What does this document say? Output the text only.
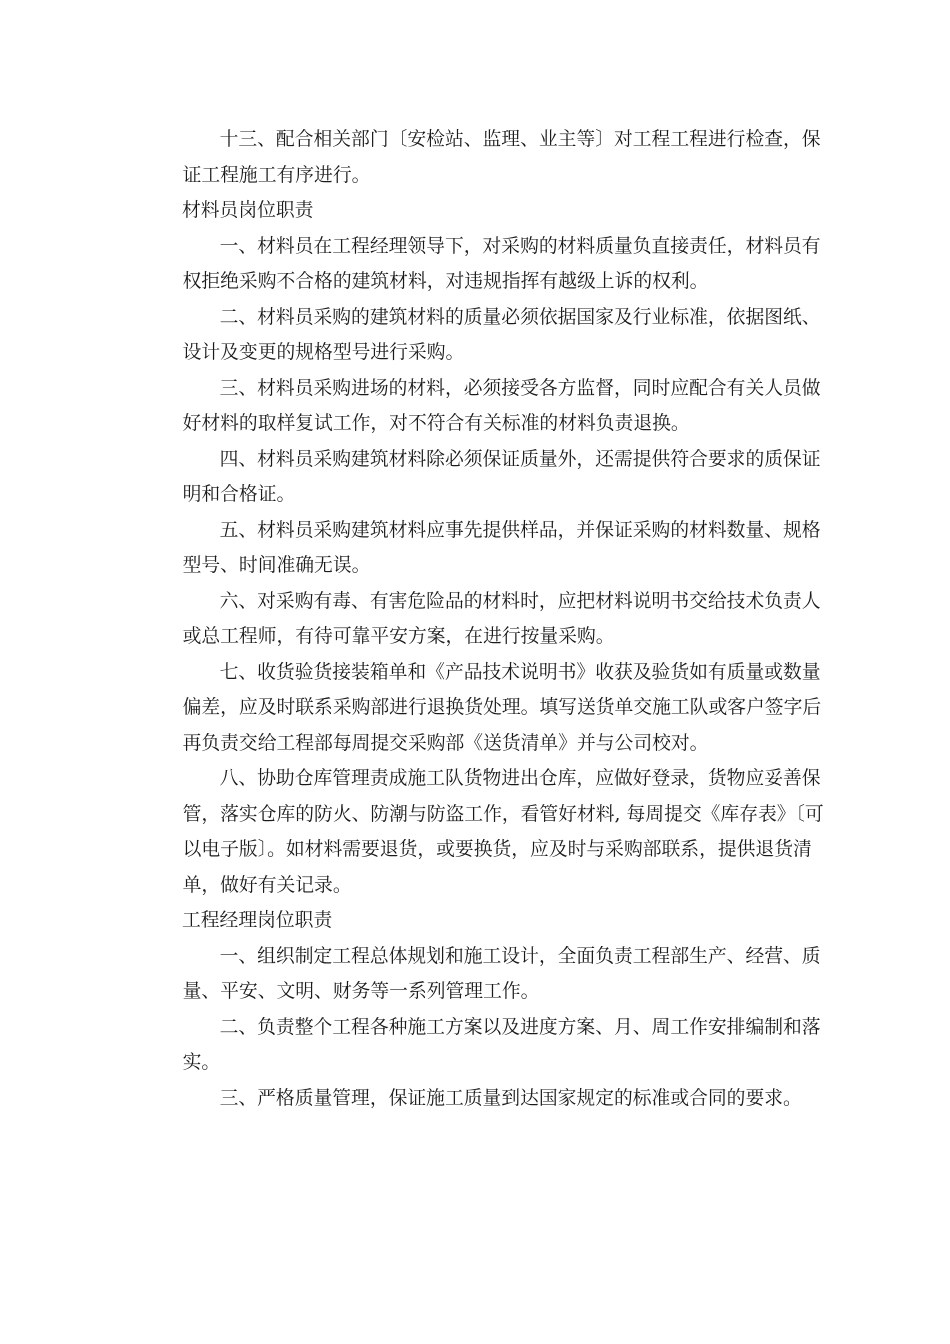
十三、配合相关部门〔安检站、监理、业主等〕对工程工程进行检查，保
证工程施工有序进行。

材料员岗位职责

一、材料员在工程经理领导下，对采购的材料质量负直接责任，材料员有
权拒绝采购不合格的建筑材料，对违规指挥有越级上诉的权利。

二、材料员采购的建筑材料的质量必须依据国家及行业标准，依据图纸、
设计及变更的规格型号进行采购。

三、材料员采购进场的材料，必须接受各方监督，同时应配合有关人员做
好材料的取样复试工作，对不符合有关标准的材料负责退换。

四、材料员采购建筑材料除必须保证质量外，还需提供符合要求的质保证
明和合格证。

五、材料员采购建筑材料应事先提供样品，并保证采购的材料数量、规格
型号、时间准确无误。

六、对采购有毒、有害危险品的材料时，应把材料说明书交给技术负责人
或总工程师，有待可靠平安方案，在进行按量采购。

七、收货验货接装箱单和《产品技术说明书》收获及验货如有质量或数量
偏差，应及时联系采购部进行退换货处理。填写送货单交施工队或客户签字后
再负责交给工程部每周提交采购部《送货清单》并与公司校对。

八、协助仓库管理责成施工队货物进出仓库，应做好登录，货物应妥善保
管，落实仓库的防火、防潮与防盗工作，看管好材料, 每周提交《库存表》〔可
以电子版〕。如材料需要退货，或要换货，应及时与采购部联系，提供退货清
单，做好有关记录。

工程经理岗位职责

一、组织制定工程总体规划和施工设计，全面负责工程部生产、经营、质
量、平安、文明、财务等一系列管理工作。

二、负责整个工程各种施工方案以及进度方案、月、周工作安排编制和落
实。

三、严格质量管理，保证施工质量到达国家规定的标准或合同的要求。
